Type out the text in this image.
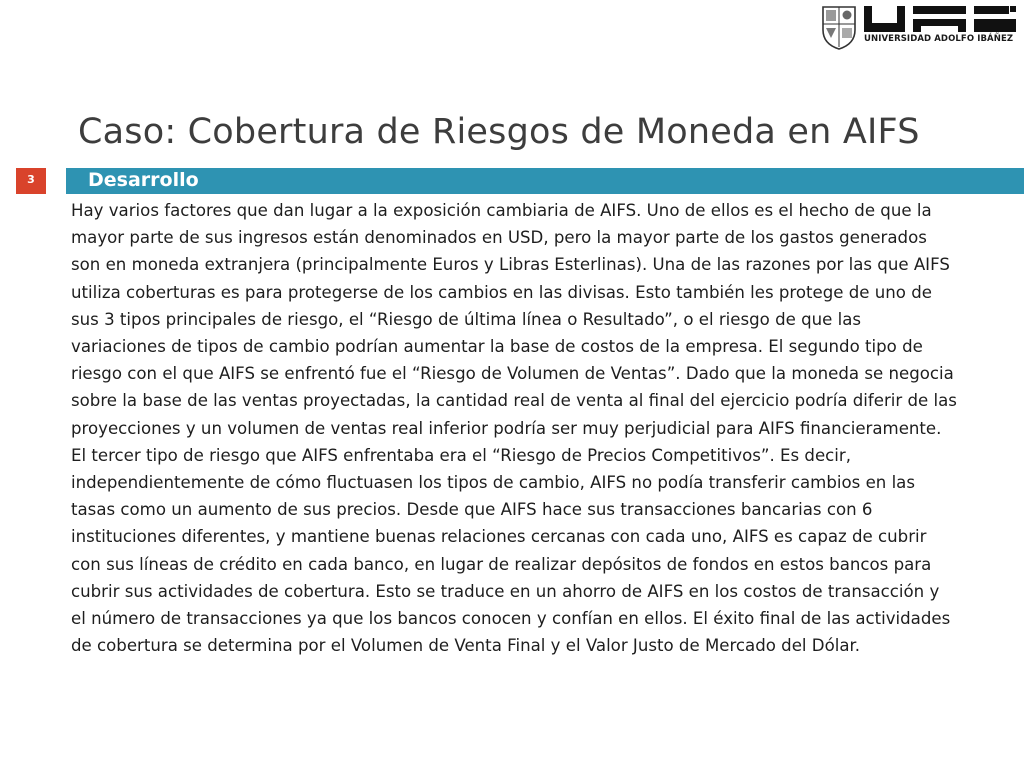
UNIVERSIDAD ADOLFO IBÁÑEZ
Caso: Cobertura de Riesgos de Moneda en AIFS
Desarrollo
3

Hay varios factores que dan lugar a la exposición cambiaria de AIFS. Uno de ellos es el hecho de que la mayor parte de sus ingresos están denominados en USD, pero la mayor parte de los gastos generados son en moneda extranjera (principalmente Euros y Libras Esterlinas). Una de las razones por las que AIFS utiliza coberturas es para protegerse de los cambios en las divisas. Esto también les protege de uno de sus 3 tipos principales de riesgo, el “Riesgo de última línea o Resultado”, o el riesgo de que las variaciones de tipos de cambio podrían aumentar la base de costos de la empresa. El segundo tipo de riesgo con el que AIFS se enfrentó fue el “Riesgo de Volumen de Ventas”. Dado que la moneda se negocia sobre la base de las ventas proyectadas, la cantidad real de venta al final del ejercicio podría diferir de las proyecciones y un volumen de ventas real inferior podría ser muy perjudicial para AIFS financieramente. El tercer tipo de riesgo que AIFS enfrentaba era el “Riesgo de Precios Competitivos”. Es decir, independientemente de cómo fluctuasen los tipos de cambio, AIFS no podía transferir cambios en las tasas como un aumento de sus precios. Desde que AIFS hace sus transacciones bancarias con 6 instituciones diferentes, y mantiene buenas relaciones cercanas con cada uno, AIFS es capaz de cubrir con sus líneas de crédito en cada banco, en lugar de realizar depósitos de fondos en estos bancos para cubrir sus actividades de cobertura. Esto se traduce en un ahorro de AIFS en los costos de transacción y el número de transacciones ya que los bancos conocen y confían en ellos. El éxito final de las actividades de cobertura se determina por el Volumen de Venta Final y el Valor Justo de Mercado del Dólar.
